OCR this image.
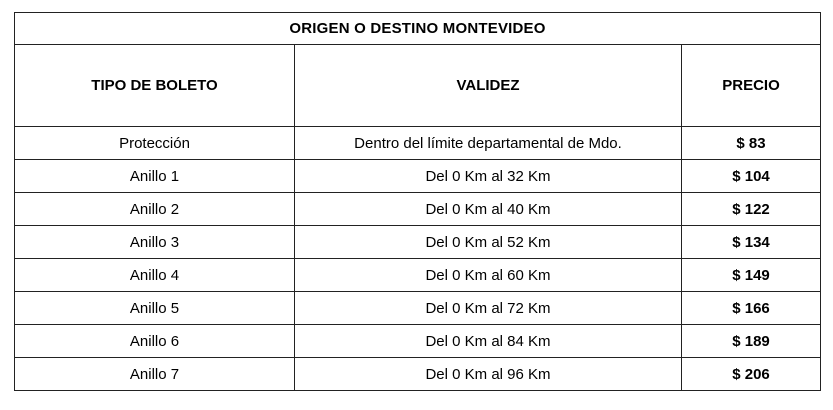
ORIGEN O DESTINO MONTEVIDEO		
TIPO DE BOLETO	VALIDEZ	PRECIO
Protección	Dentro del límite departamental de Mdo.	$ 83
Anillo 1	Del 0 Km al 32 Km	$ 104
Anillo 2	Del 0 Km al 40 Km	$ 122
Anillo 3	Del 0 Km al 52 Km	$ 134
Anillo 4	Del 0 Km al 60 Km	$ 149
Anillo 5	Del 0 Km al 72 Km	$ 166
Anillo 6	Del 0 Km al 84 Km	$ 189
Anillo 7	Del 0 Km al 96 Km	$ 206
